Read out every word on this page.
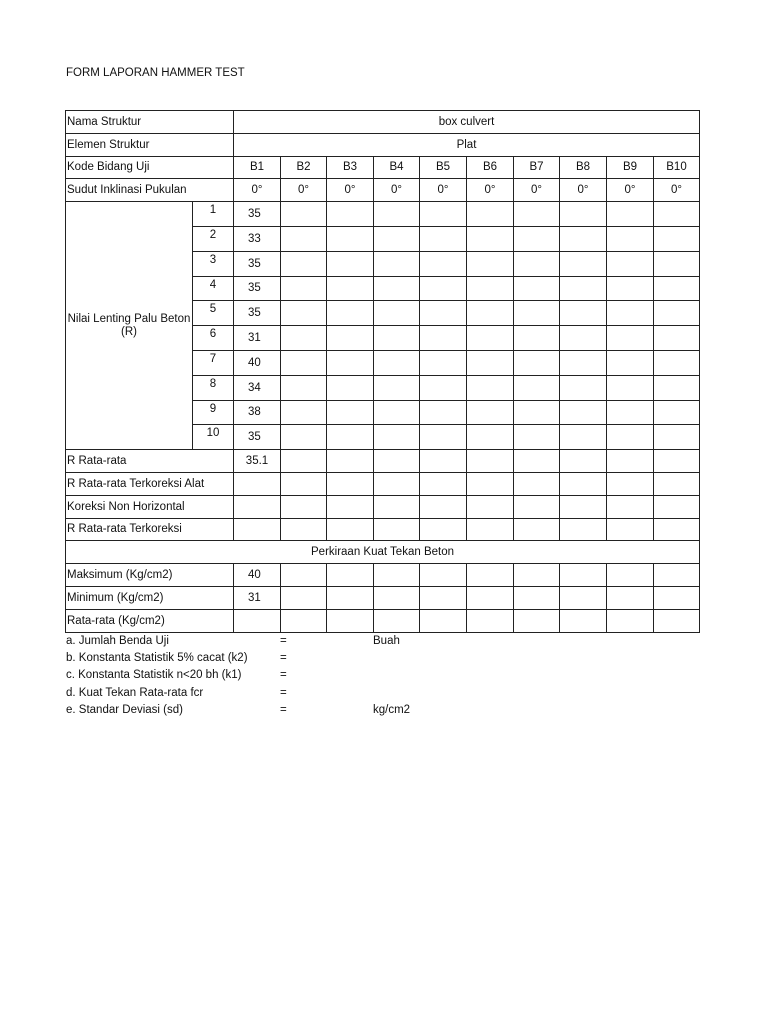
FORM LAPORAN HAMMER TEST
Nama Struktur		box culvert									
Elemen Struktur		Plat									
Kode Bidang Uji		B1	B2	B3	B4	B5	B6	B7	B8	B9	B10
Sudut Inklinasi Pukulan		0°	0°	0°	0°	0°	0°	0°	0°	0°	0°
Nilai Lenting Palu Beton (R)	1	35									
	2	33									
	3	35									
	4	35									
	5	35									
	6	31									
	7	40									
	8	34									
	9	38									
	10	35									
R Rata-rata		35.1									
R Rata-rata Terkoreksi Alat											
Koreksi Non Horizontal											
R Rata-rata Terkoreksi											
Perkiraan Kuat Tekan Beton											
Maksimum (Kg/cm2)		40									
Minimum (Kg/cm2)		31									
Rata-rata (Kg/cm2)											
a. Jumlah Benda Uji	=	Buah
b. Konstanta Statistik 5% cacat (k2)	=
c. Konstanta Statistik n<20 bh (k1)	=
d. Kuat Tekan Rata-rata fcr	=
e. Standar Deviasi (sd)	=	kg/cm2
